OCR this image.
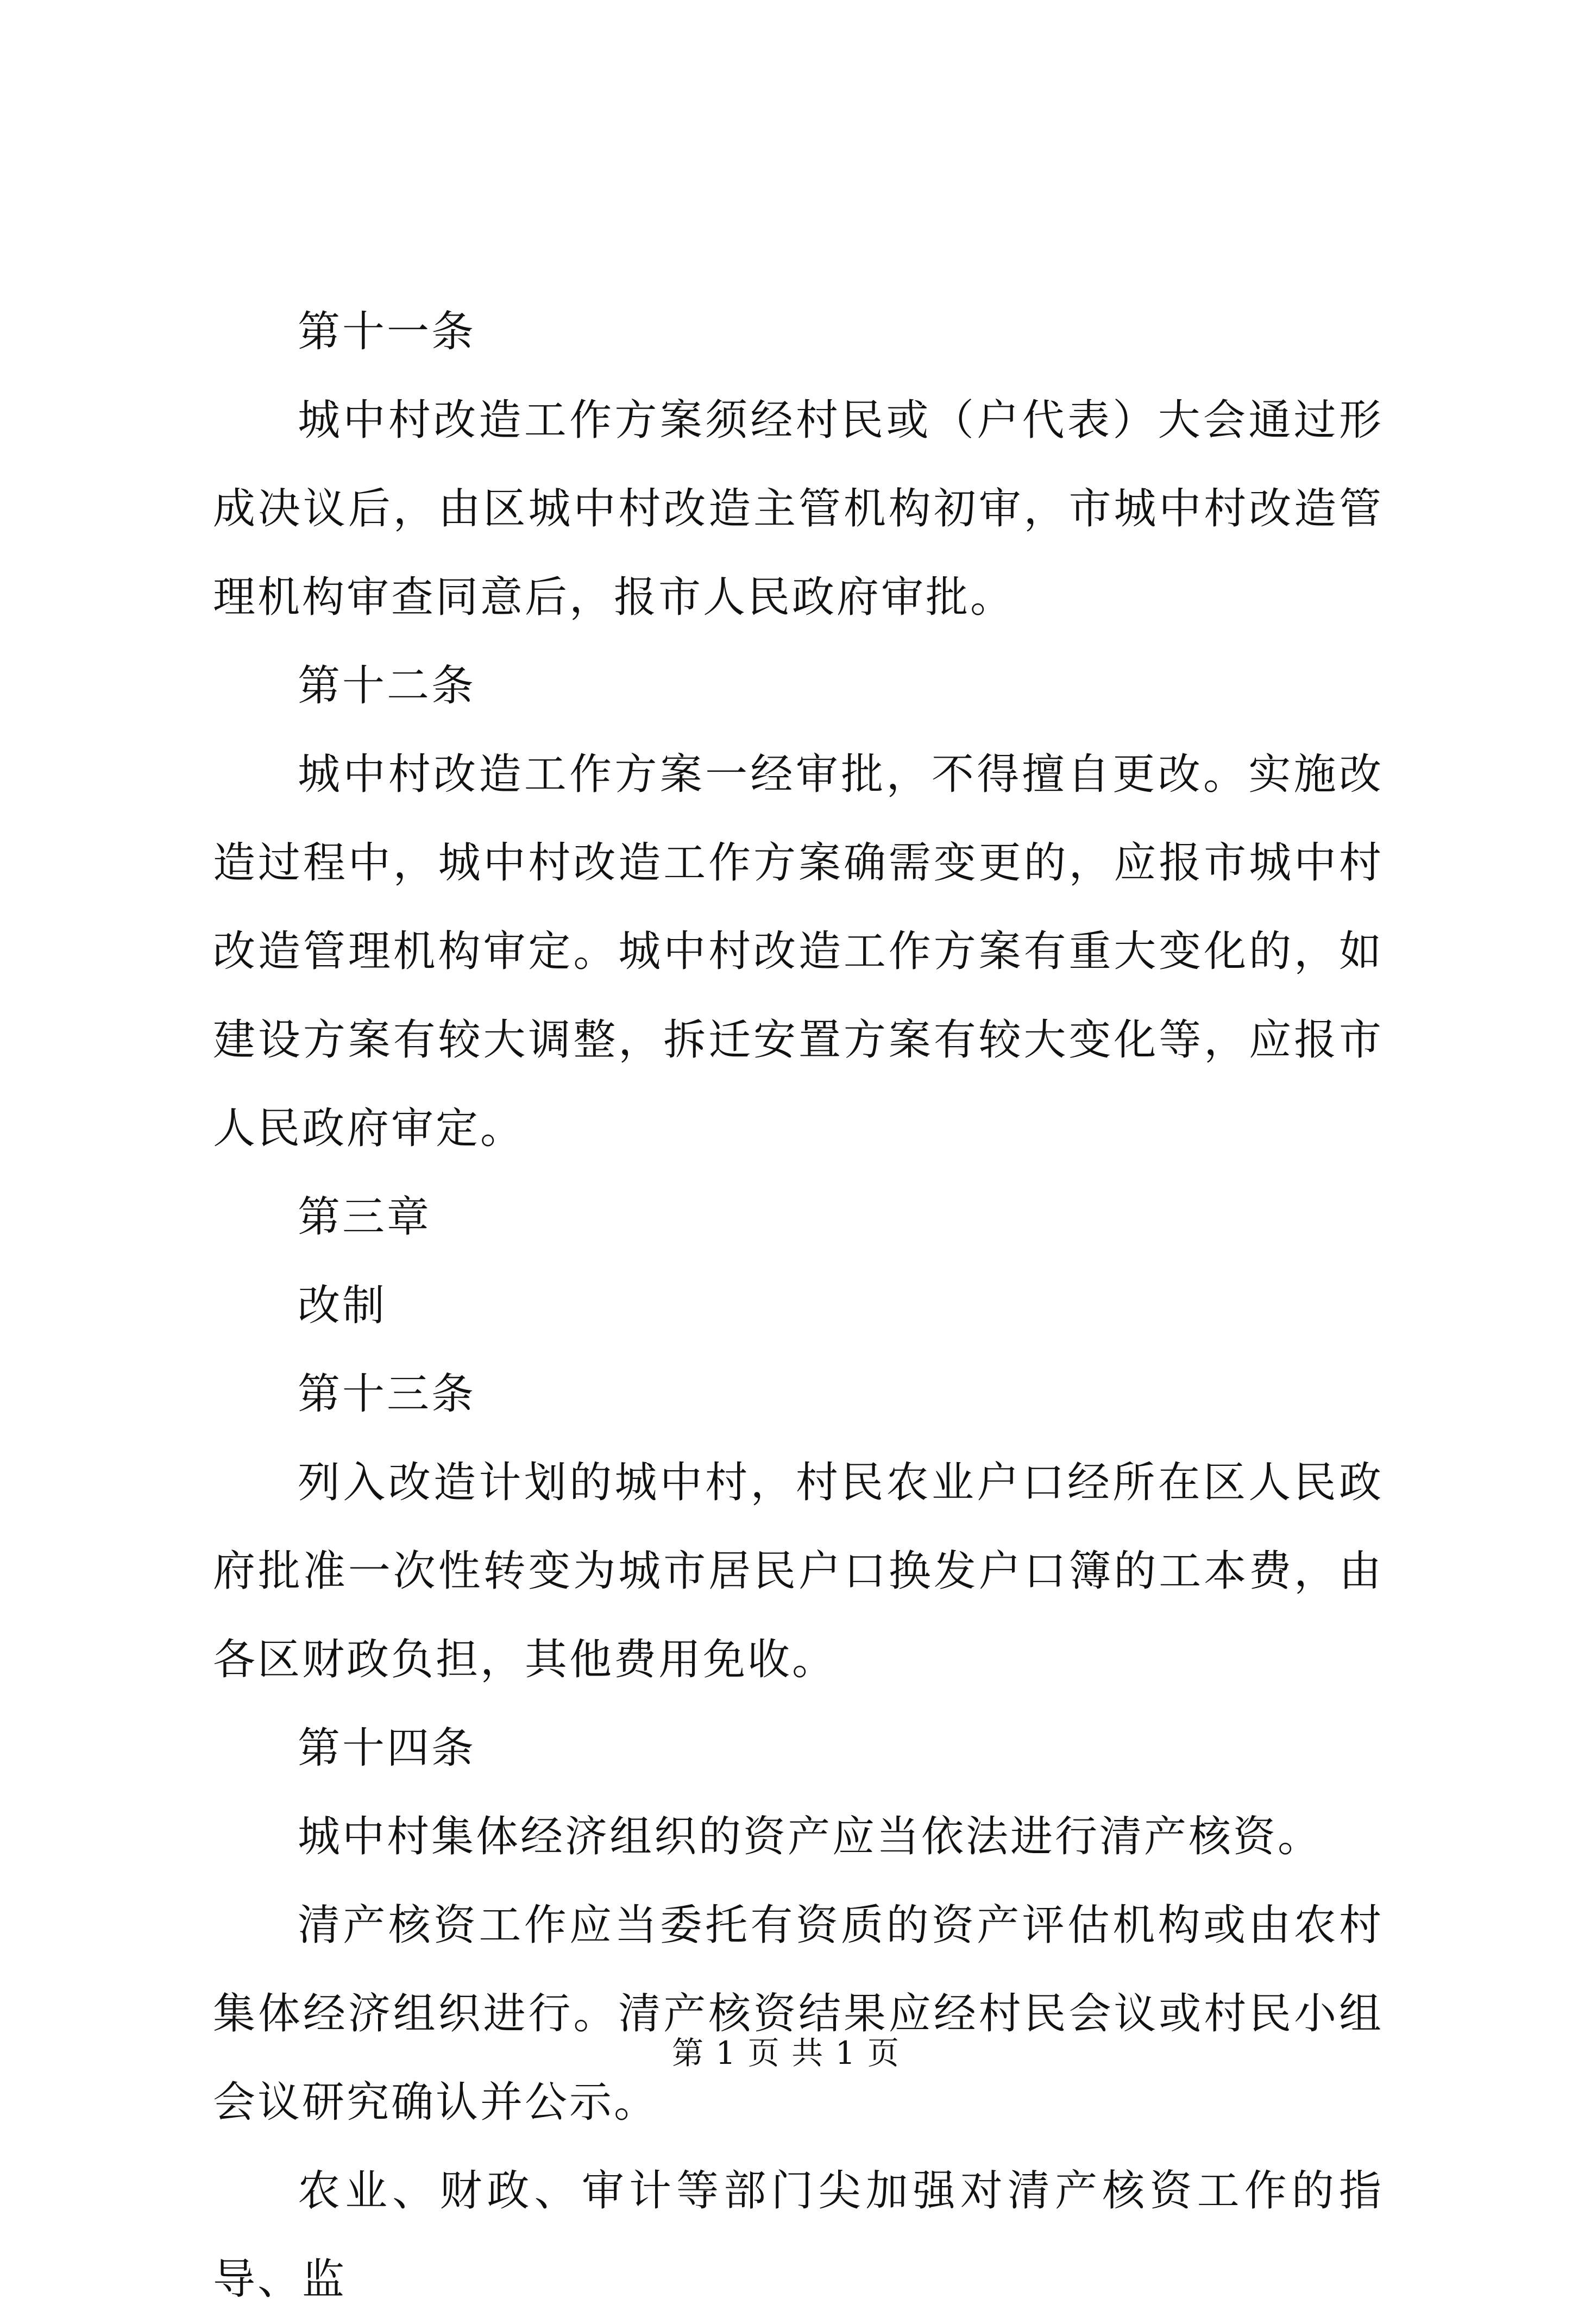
第十一条

城中村改造工作方案须经村民或（户代表）大会通过形成决议后，由区城中村改造主管机构初审，市城中村改造管理机构审查同意后，报市人民政府审批。

第十二条

城中村改造工作方案一经审批，不得擅自更改。实施改造过程中，城中村改造工作方案确需变更的，应报市城中村改造管理机构审定。城中村改造工作方案有重大变化的，如建设方案有较大调整，拆迁安置方案有较大变化等，应报市人民政府审定。

第三章

改制

第十三条

列入改造计划的城中村，村民农业户口经所在区人民政府批准一次性转变为城市居民户口换发户口簿的工本费，由各区财政负担，其他费用免收。

第十四条

城中村集体经济组织的资产应当依法进行清产核资。

清产核资工作应当委托有资质的资产评估机构或由农村集体经济组织进行。清产核资结果应经村民会议或村民小组会议研究确认并公示。

农业、财政、审计等部门尖加强对清产核资工作的指导、监

第 1 页 共 1 页
